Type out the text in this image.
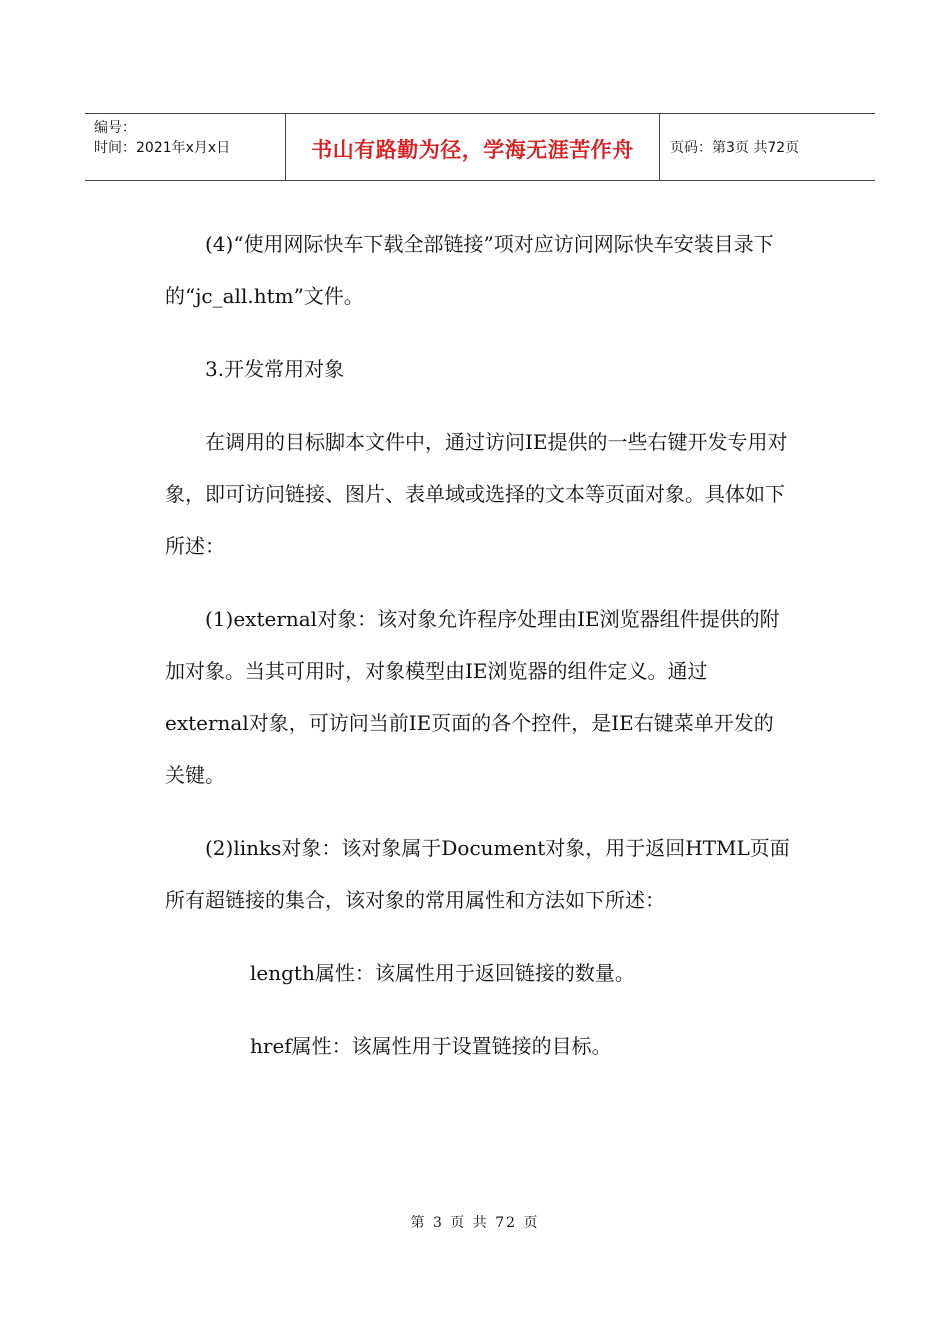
编号：
时间：2021年x月x日	书山有路勤为径，学海无涯苦作舟	页码：第3页 共72页

(4)“使用网际快车下载全部链接”项对应访问网际快车安装目录下的“jc_all.htm”文件。

3.开发常用对象

在调用的目标脚本文件中，通过访问IE提供的一些右键开发专用对象，即可访问链接、图片、表单域或选择的文本等页面对象。具体如下所述：

(1)external对象：该对象允许程序处理由IE浏览器组件提供的附加对象。当其可用时，对象模型由IE浏览器的组件定义。通过external对象，可访问当前IE页面的各个控件，是IE右键菜单开发的关键。

(2)links对象：该对象属于Document对象，用于返回HTML页面所有超链接的集合，该对象的常用属性和方法如下所述：

length属性：该属性用于返回链接的数量。

href属性：该属性用于设置链接的目标。

第 3 页 共 72 页
